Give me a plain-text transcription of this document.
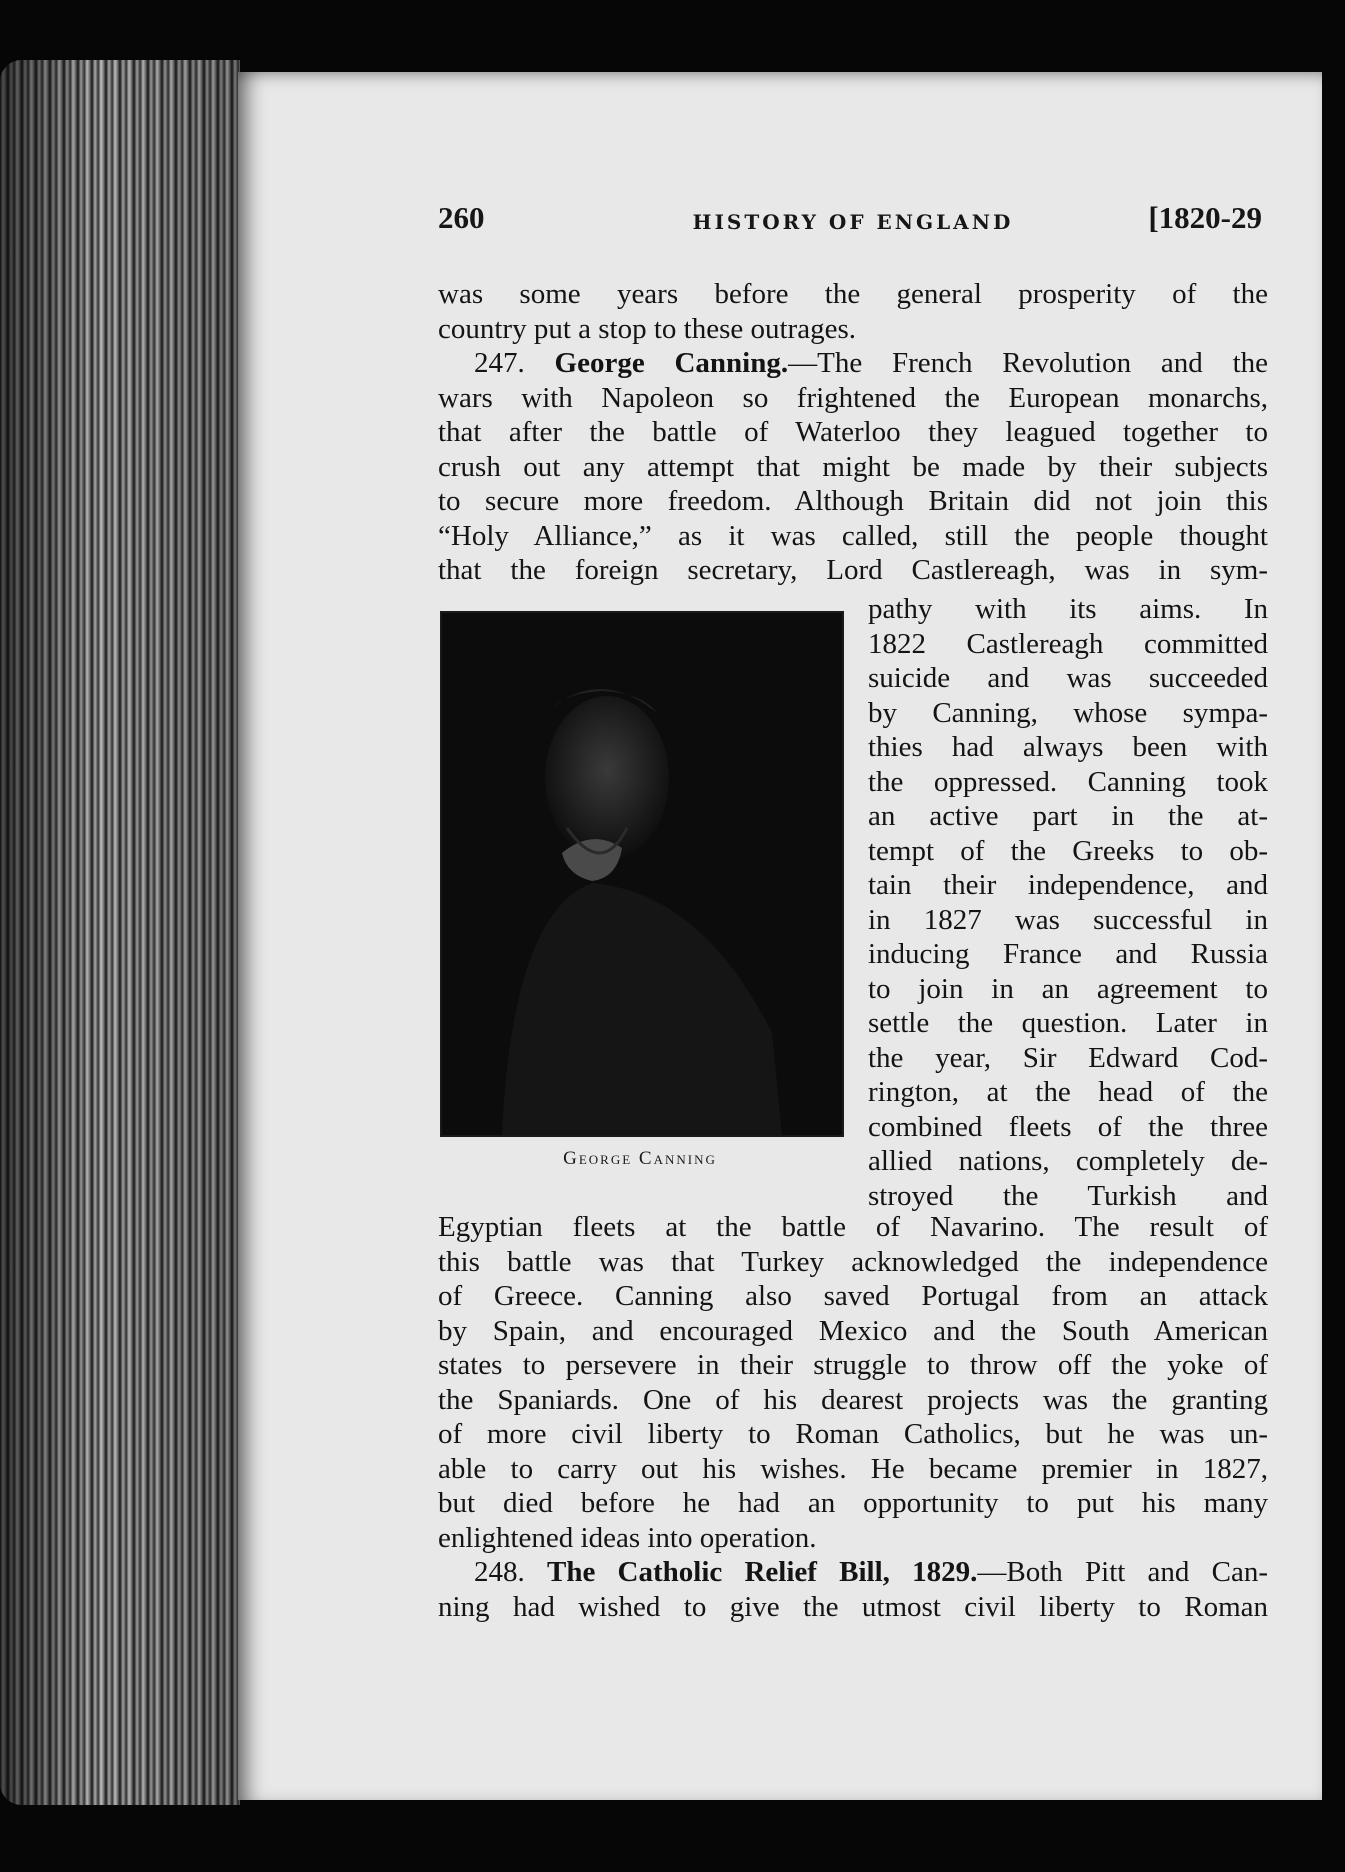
260	HISTORY OF ENGLAND	[1820-29
was some years before the general prosperity of the
country put a stop to these outrages.
247. George Canning.—The French Revolution and the
wars with Napoleon so frightened the European monarchs,
that after the battle of Waterloo they leagued together to
crush out any attempt that might be made by their subjects
to secure more freedom. Although Britain did not join this
“Holy Alliance,” as it was called, still the people thought
that the foreign secretary, Lord Castlereagh, was in sym-
George Canning
pathy with its aims. In
1822 Castlereagh committed
suicide and was succeeded
by Canning, whose sympa-
thies had always been with
the oppressed. Canning took
an active part in the at-
tempt of the Greeks to ob-
tain their independence, and
in 1827 was successful in
inducing France and Russia
to join in an agreement to
settle the question. Later in
the year, Sir Edward Cod-
rington, at the head of the
combined fleets of the three
allied nations, completely de-
stroyed the Turkish and
Egyptian fleets at the battle of Navarino. The result of
this battle was that Turkey acknowledged the independence
of Greece. Canning also saved Portugal from an attack
by Spain, and encouraged Mexico and the South American
states to persevere in their struggle to throw off the yoke of
the Spaniards. One of his dearest projects was the granting
of more civil liberty to Roman Catholics, but he was un-
able to carry out his wishes. He became premier in 1827,
but died before he had an opportunity to put his many
enlightened ideas into operation.
248. The Catholic Relief Bill, 1829.—Both Pitt and Can-
ning had wished to give the utmost civil liberty to Roman
